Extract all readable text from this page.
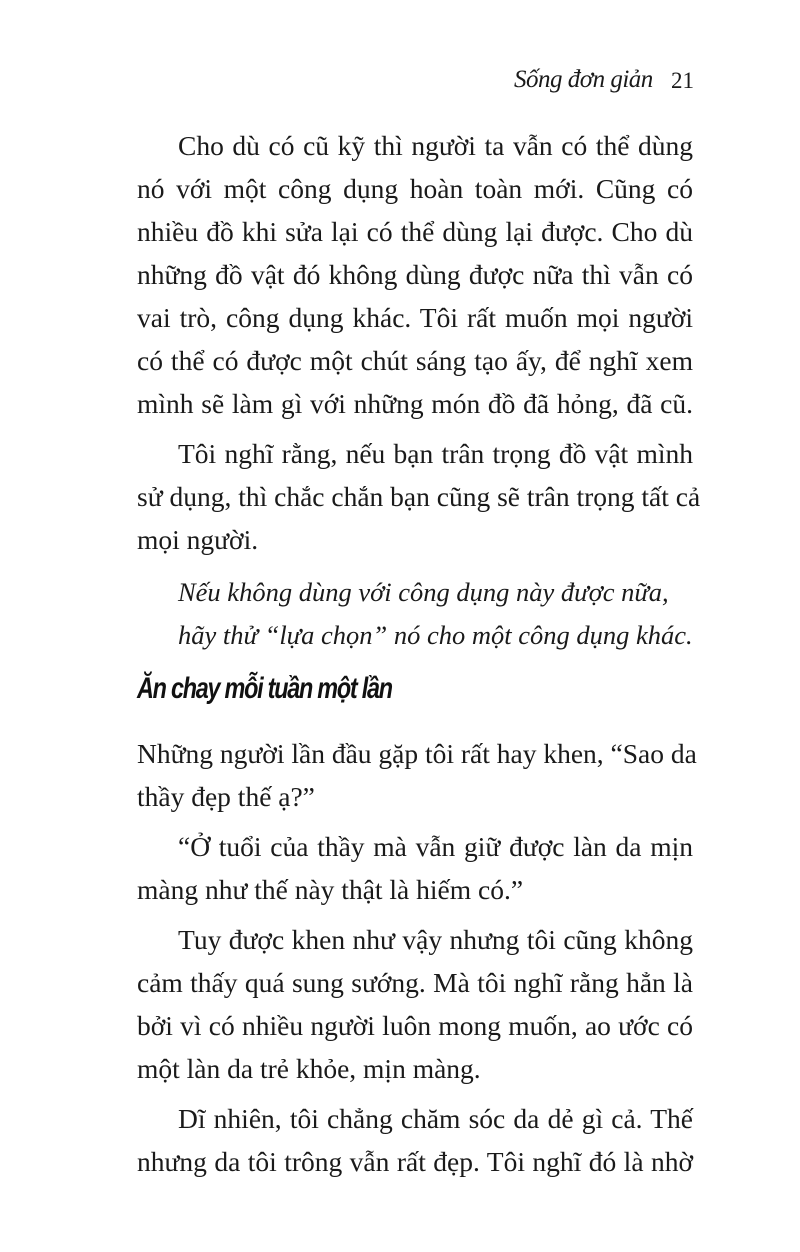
Sống đơn giản 21
Cho dù có cũ kỹ thì người ta vẫn có thể dùng
nó với một công dụng hoàn toàn mới. Cũng có
nhiều đồ khi sửa lại có thể dùng lại được. Cho dù
những đồ vật đó không dùng được nữa thì vẫn có
vai trò, công dụng khác. Tôi rất muốn mọi người
có thể có được một chút sáng tạo ấy, để nghĩ xem
mình sẽ làm gì với những món đồ đã hỏng, đã cũ.
Tôi nghĩ rằng, nếu bạn trân trọng đồ vật mình
sử dụng, thì chắc chắn bạn cũng sẽ trân trọng tất cả
mọi người.
Nếu không dùng với công dụng này được nữa,
hãy thử “lựa chọn” nó cho một công dụng khác.
Ăn chay mỗi tuần một lần
Những người lần đầu gặp tôi rất hay khen, “Sao da
thầy đẹp thế ạ?”
“Ở tuổi của thầy mà vẫn giữ được làn da mịn
màng như thế này thật là hiếm có.”
Tuy được khen như vậy nhưng tôi cũng không
cảm thấy quá sung sướng. Mà tôi nghĩ rằng hẳn là
bởi vì có nhiều người luôn mong muốn, ao ước có
một làn da trẻ khỏe, mịn màng.
Dĩ nhiên, tôi chẳng chăm sóc da dẻ gì cả. Thế
nhưng da tôi trông vẫn rất đẹp. Tôi nghĩ đó là nhờ
